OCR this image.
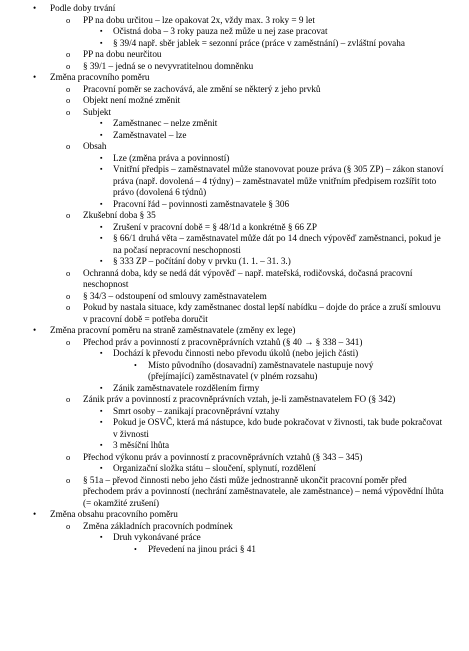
• Podle doby trvání
o PP na dobu určitou – lze opakovat 2x, vždy max. 3 roky = 9 let
▪ Očistná doba – 3 roky pauza než může u nej zase pracovat
▪ § 39/4 např. sběr jablek = sezonní práce (práce v zaměstnání) – zvláštní povaha
o PP na dobu neurčitou
o § 39/1 – jedná se o nevyvratitelnou domněnku
• Změna pracovního poměru
o Pracovní poměr se zachovává, ale změní se některý z jeho prvků
o Objekt není možné změnit
o Subjekt
▪ Zaměstnanec – nelze změnit
▪ Zaměstnavatel – lze
o Obsah
▪ Lze (změna práva a povinností)
▪ Vnitřní předpis – zaměstnavatel může stanovovat pouze práva (§ 305 ZP) – zákon stanoví práva (např. dovolená – 4 týdny) – zaměstnavatel může vnitřním předpisem rozšířit toto právo (dovolená 6 týdnů)
▪ Pracovní řád – povinnosti zaměstnavatele § 306
o Zkušební doba § 35
▪ Zrušení v pracovní době = § 48/1d a konkrétně § 66 ZP
▪ § 66/1 druhá věta – zaměstnavatel může dát po 14 dnech výpověď zaměstnanci, pokud je na počasí nepracovní neschopnosti
▪ § 333 ZP – počítání doby v prvku (1. 1. – 31. 3.)
o Ochranná doba, kdy se nedá dát výpověď – např. mateřská, rodičovská, dočasná pracovní neschopnost
o § 34/3 – odstoupení od smlouvy zaměstnavatelem
o Pokud by nastala situace, kdy zaměstnanec dostal lepší nabídku – dojde do práce a zruší smlouvu v pracovní době = potřeba doručit
• Změna pracovní poměru na straně zaměstnavatele (změny ex lege)
o Přechod práv a povinností z pracovněprávních vztahů (§ 40 → § 338 – 341)
▪ Dochází k převodu činnosti nebo převodu úkolů (nebo jejich části)
• Místo původního (dosavadní) zaměstnavatele nastupuje nový (přejímající) zaměstnavatel (v plném rozsahu)
▪ Zánik zaměstnavatele rozdělením firmy
o Zánik práv a povinností z pracovněprávních vztah, je-li zaměstnavatelem FO (§ 342)
▪ Smrt osoby – zanikají pracovněprávní vztahy
▪ Pokud je OSVČ, která má nástupce, kdo bude pokračovat v živnosti, tak bude pokračovat v živnosti
▪ 3 měsíční lhůta
o Přechod výkonu práv a povinností z pracovněprávních vztahů (§ 343 – 345)
▪ Organizační složka státu – sloučení, splynutí, rozdělení
o § 51a – převod činnosti nebo jeho části může jednostranně ukončit pracovní poměr před přechodem práv a povinností (nechrání zaměstnavatele, ale zaměstnance) – nemá výpovědní lhůta (= okamžité zrušení)
• Změna obsahu pracovního poměru
o Změna základních pracovních podmínek
▪ Druh vykonávané práce
• Převedení na jinou práci § 41
